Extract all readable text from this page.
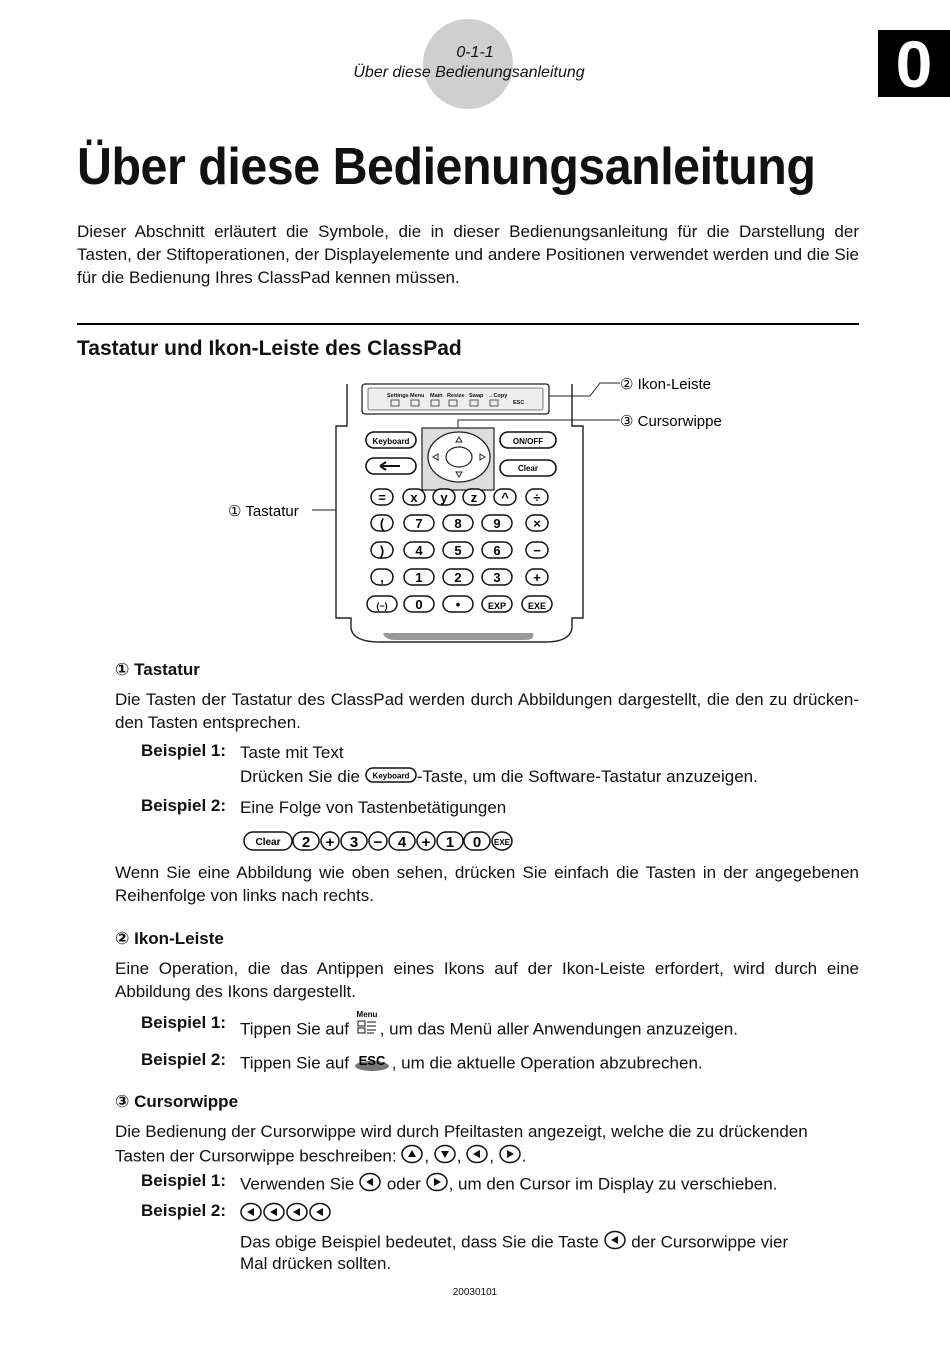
0-1-1
Über diese Bedienungsanleitung	0
Über diese Bedienungsanleitung
Dieser Abschnitt erläutert die Symbole, die in dieser Bedienungsanleitung für die Darstellung der Tasten, der Stiftoperationen, der Displayelemente und andere Positionen verwendet werden und die Sie für die Bedienung Ihres ClassPad kennen müssen.
Tastatur und Ikon-Leiste des ClassPad
Settings Menu Main Resize Swap →Copy
ESC
Keyboard	ON/OFF
Clear
= x y z ^ ÷
( 7 8 9	×
) 4 5 6	−
, 1 2 3	+
(−) 0	•	EXP EXE
② Ikon-Leiste
③ Cursorwippe
① Tastatur
① Tastatur
Die Tasten der Tastatur des ClassPad werden durch Abbildungen dargestellt, die den zu drücken-den Tasten entsprechen.
Beispiel 1: Taste mit Text
Drücken Sie die Keyboard -Taste, um die Software-Tastatur anzuzeigen.
Beispiel 2: Eine Folge von Tastenbetätigungen
Clear 2 + 3 − 4 + 1 0 EXE
Wenn Sie eine Abbildung wie oben sehen, drücken Sie einfach die Tasten in der angegebenen Reihenfolge von links nach rechts.
② Ikon-Leiste
Eine Operation, die das Antippen eines Ikons auf der Ikon-Leiste erfordert, wird durch eine Abbildung des Ikons dargestellt.
Beispiel 1: Tippen Sie auf
Menu
, um das Menü aller Anwendungen anzuzeigen.
Beispiel 2: Tippen Sie auf ESC , um die aktuelle Operation abzubrechen.
③ Cursorwippe
Die Bedienung der Cursorwippe wird durch Pfeiltasten angezeigt, welche die zu drückenden
Tasten der Cursorwippe beschreiben: , , , .
Beispiel 1: Verwenden Sie  oder , um den Cursor im Display zu verschieben.
Beispiel 2:
Das obige Beispiel bedeutet, dass Sie die Taste  der Cursorwippe vier
Mal drücken sollten.
20030101
